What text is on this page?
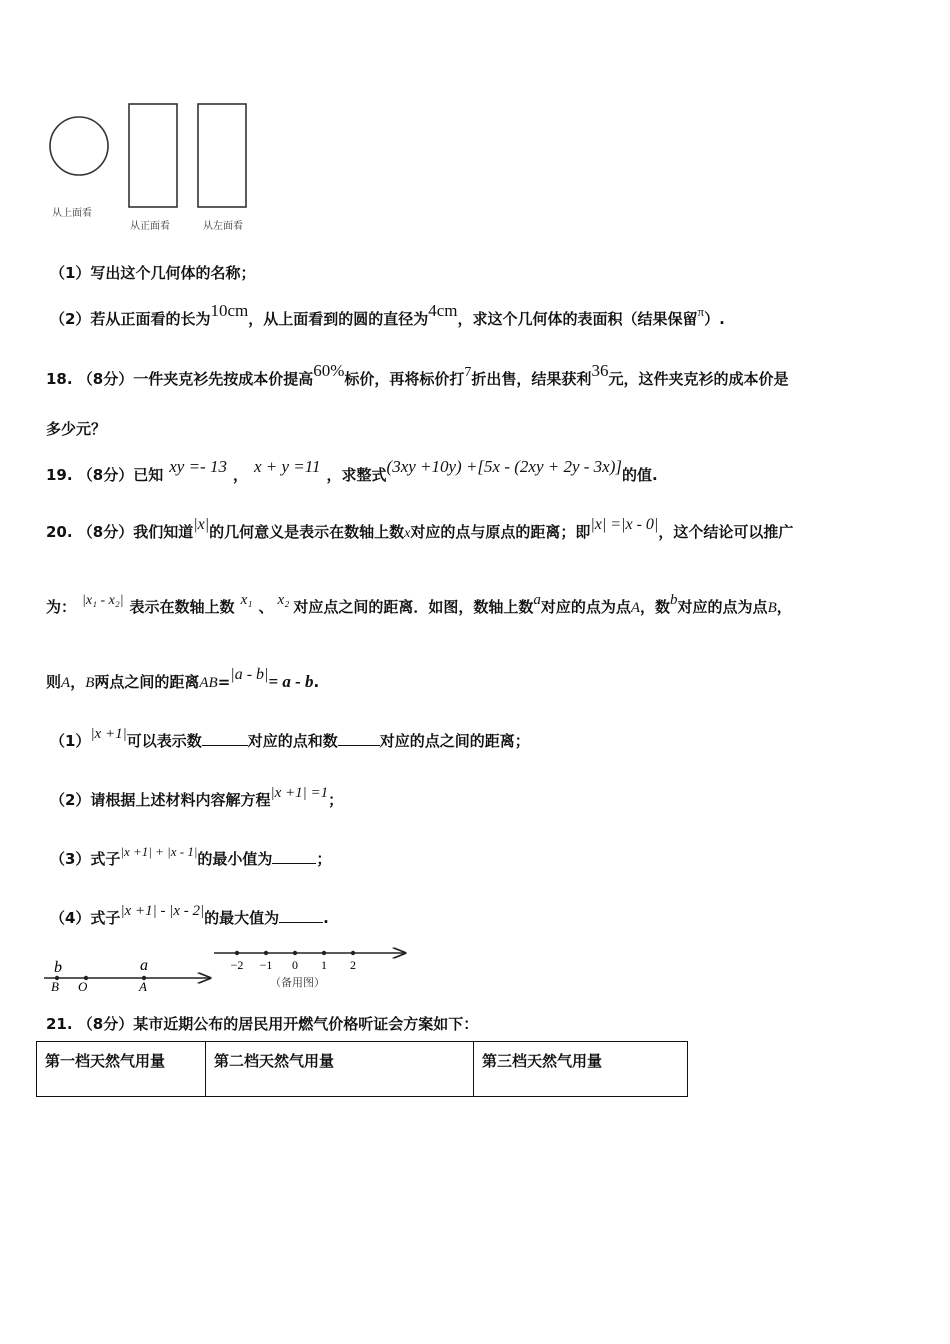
从上面看
从正面看	从左面看
（1）写出这个几何体的名称；
（2）若从正面看的长为10cm，从上面看到的圆的直径为4cm，求这个几何体的表面积（结果保留π）.
18. （8分）一件夹克衫先按成本价提高60%标价，再将标价打7折出售，结果获利36元，这件夹克衫的成本价是
多少元？
19. （8分）已知 xy =- 13 ， x + y =11 ，求整式(3xy +10y) +[5x - (2xy + 2y - 3x)]的值.
20. （8分）我们知道|x|的几何意义是表示在数轴上数x对应的点与原点的距离；即|x| =|x - 0|，这个结论可以推广
为： |x₁ - x₂| 表示在数轴上数 x₁ 、 x₂ 对应点之间的距离．如图，数轴上数a对应的点为点A，数b对应的点为点B，
则A，B两点之间的距离AB=|a - b|= a - b.
（1）|x +1|可以表示数	对应的点和数	对应的点之间的距离；
（2）请根据上述材料内容解方程|x +1| =1；
（3）式子|x +1| + |x - 1|的最小值为	；
（4）式子|x +1| - |x - 2|的最大值为	.
b	a
B O	A
−2 −1 0 1 2
（备用图）
21. （8分）某市近期公布的居民用开燃气价格听证会方案如下：
第一档天然气用量	第二档天然气用量	第三档天然气用量
